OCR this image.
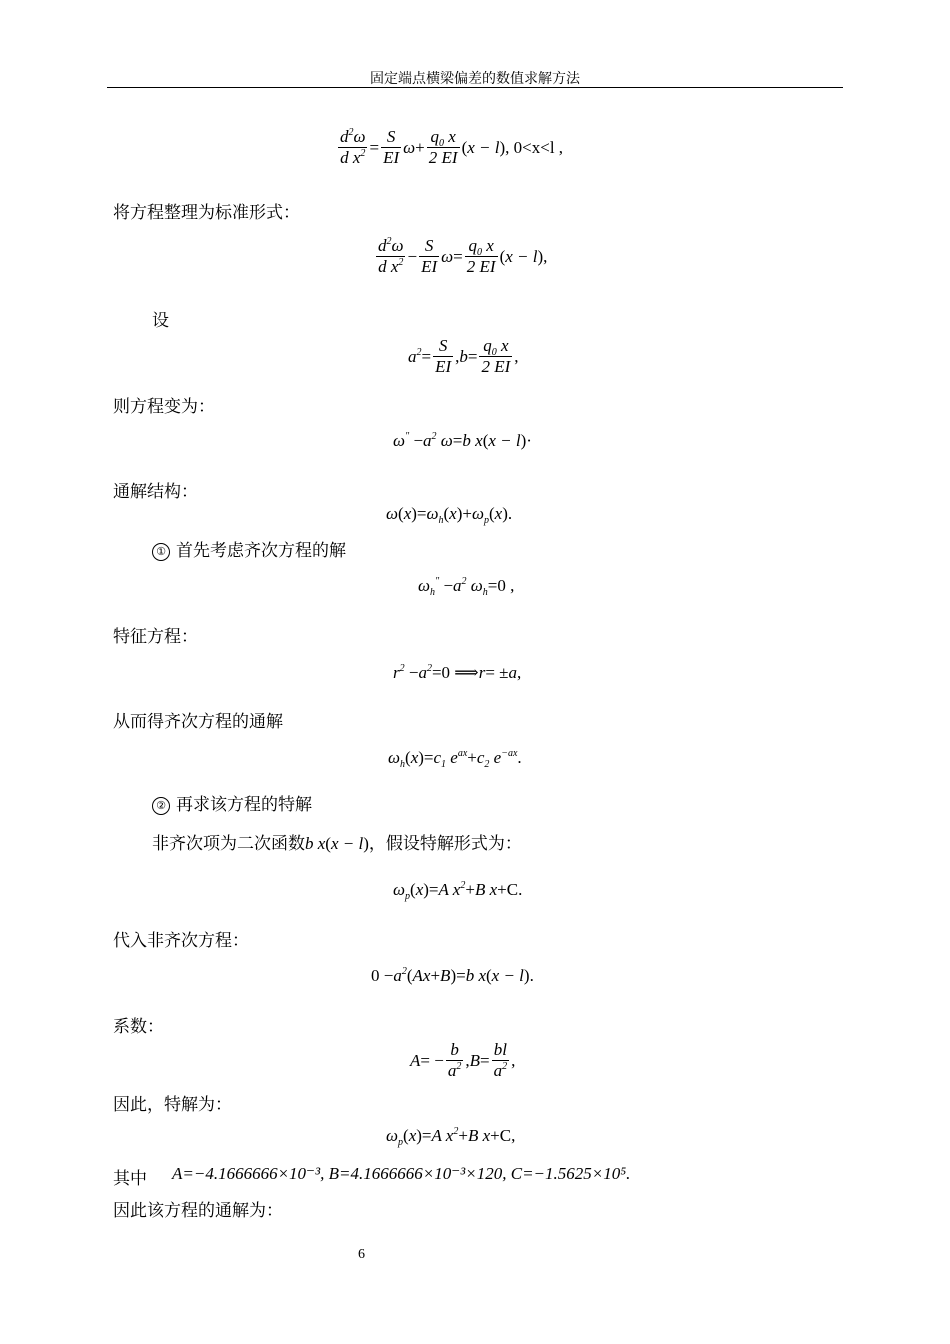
固定端点横梁偏差的数值求解方法
$\frac{d^2\omega}{d x^2} = \frac{S}{EI}$ $\omega + \frac{q_0 x}{2 EI}$ ( x − l ) , 0<x<l ,
将方程整理为标准形式：
$\frac{d^2\omega}{d x^2} - \frac{S}{EI}$ $\omega = \frac{q_0 x}{2 EI}$ ( x − l ),
设
$a^2 = \frac{S}{EI}$ , $b = \frac{q_0 x}{2 EI}$ ,
则方程变为：
$\omega'' - a^2$ ω = b x ( x − l )·
通解结构：
ω ( x )= $\omega_h$ ( x )+ $\omega_p$ ( x ).
① 首先考虑齐次方程的解
$\omega_h'' - a^2$ $\omega_h =0$ ,
特征方程：
$r^2 - a^2 =0$ ⟹ r = ± a ,
从而得齐次方程的通解
$\omega_h$ ( x )= $c_1$ $e^{ax} + c_2$ $e^{-ax}$ .
② 再求该方程的特解
非齐次项为二次函数b x(x − l)，假设特解形式为：
$\omega_p$ ( x )= A $x^2 + B$ x +C.
代入非齐次方程：
$0 - a^2$ ( Ax + B )= b x ( x − l ).
系数：
A = − $\frac{b}{a^2}$ , $B = \frac{bl}{a^2}$ ,
因此，特解为：
$\omega_p$ ( x )= A $x^2 + B$ x +C,
其中 A=−4.1666666×10⁻³, B=4.1666666×10⁻³×120, C=−1.5625×10⁵.
因此该方程的通解为：
6
